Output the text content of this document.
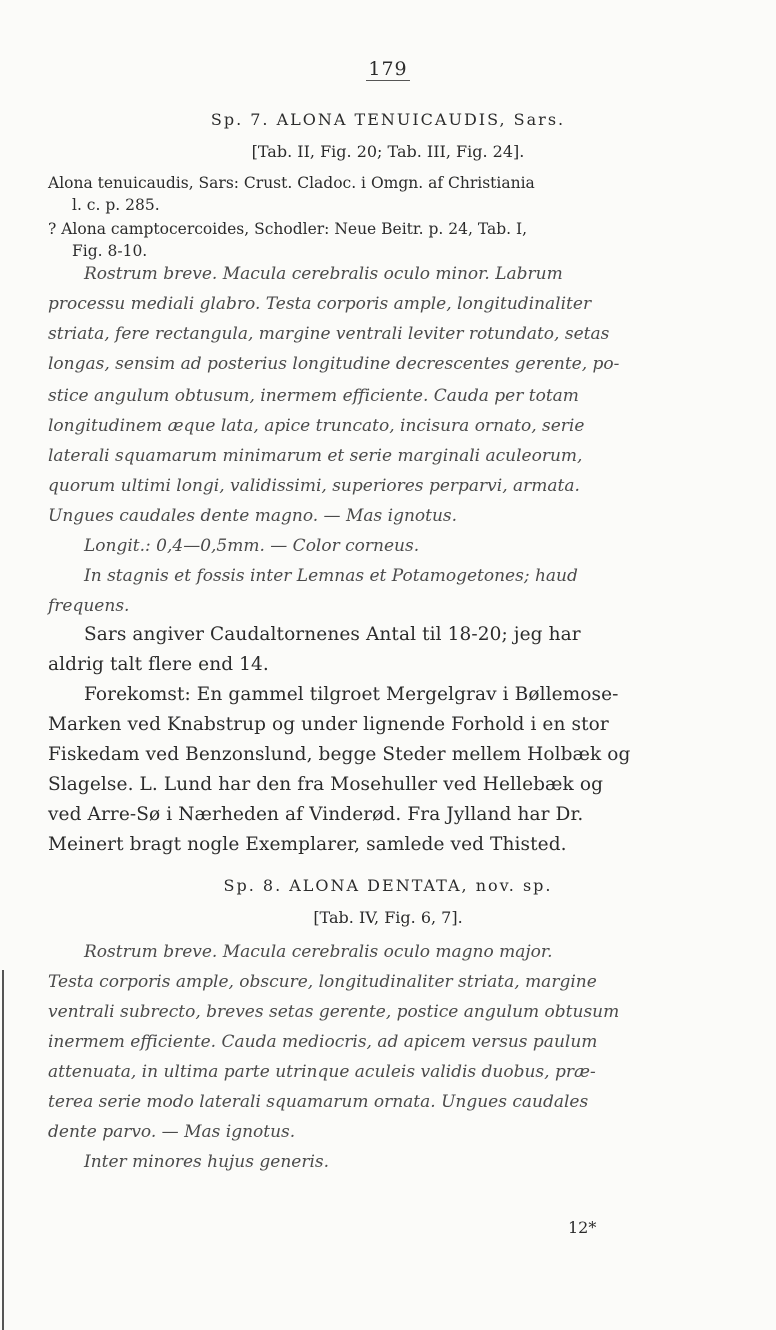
179
Sp. 7. ALONA TENUICAUDIS, Sars.
[Tab. II, Fig. 20; Tab. III, Fig. 24].
Alona tenuicaudis, Sars: Crust. Cladoc. i Omgn. af Christiania
l. c. p. 285.
? Alona camptocercoides, Schodler: Neue Beitr. p. 24, Tab. I,
Fig. 8-10.
Rostrum breve. Macula cerebralis oculo minor. Labrum
processu mediali glabro. Testa corporis ample, longitudinaliter
striata, fere rectangula, margine ventrali leviter rotundato, setas
longas, sensim ad posterius longitudine decrescentes gerente, po-
stice angulum obtusum, inermem efficiente. Cauda per totam
longitudinem æque lata, apice truncato, incisura ornato, serie
laterali squamarum minimarum et serie marginali aculeorum,
quorum ultimi longi, validissimi, superiores perparvi, armata.
Ungues caudales dente magno. — Mas ignotus.
Longit.: 0,4—0,5mm. — Color corneus.
In stagnis et fossis inter Lemnas et Potamogetones; haud
frequens.
Sars angiver Caudaltornenes Antal til 18-20; jeg har
aldrig talt flere end 14.
Forekomst: En gammel tilgroet Mergelgrav i Bøllemose-
Marken ved Knabstrup og under lignende Forhold i en stor
Fiskedam ved Benzonslund, begge Steder mellem Holbæk og
Slagelse. L. Lund har den fra Mosehuller ved Hellebæk og
ved Arre-Sø i Nærheden af Vinderød. Fra Jylland har Dr.
Meinert bragt nogle Exemplarer, samlede ved Thisted.
Sp. 8. ALONA DENTATA, nov. sp.
[Tab. IV, Fig. 6, 7].
Rostrum breve. Macula cerebralis oculo magno major.
Testa corporis ample, obscure, longitudinaliter striata, margine
ventrali subrecto, breves setas gerente, postice angulum obtusum
inermem efficiente. Cauda mediocris, ad apicem versus paulum
attenuata, in ultima parte utrinque aculeis validis duobus, præ-
terea serie modo laterali squamarum ornata. Ungues caudales
dente parvo. — Mas ignotus.
Inter minores hujus generis.
12*
